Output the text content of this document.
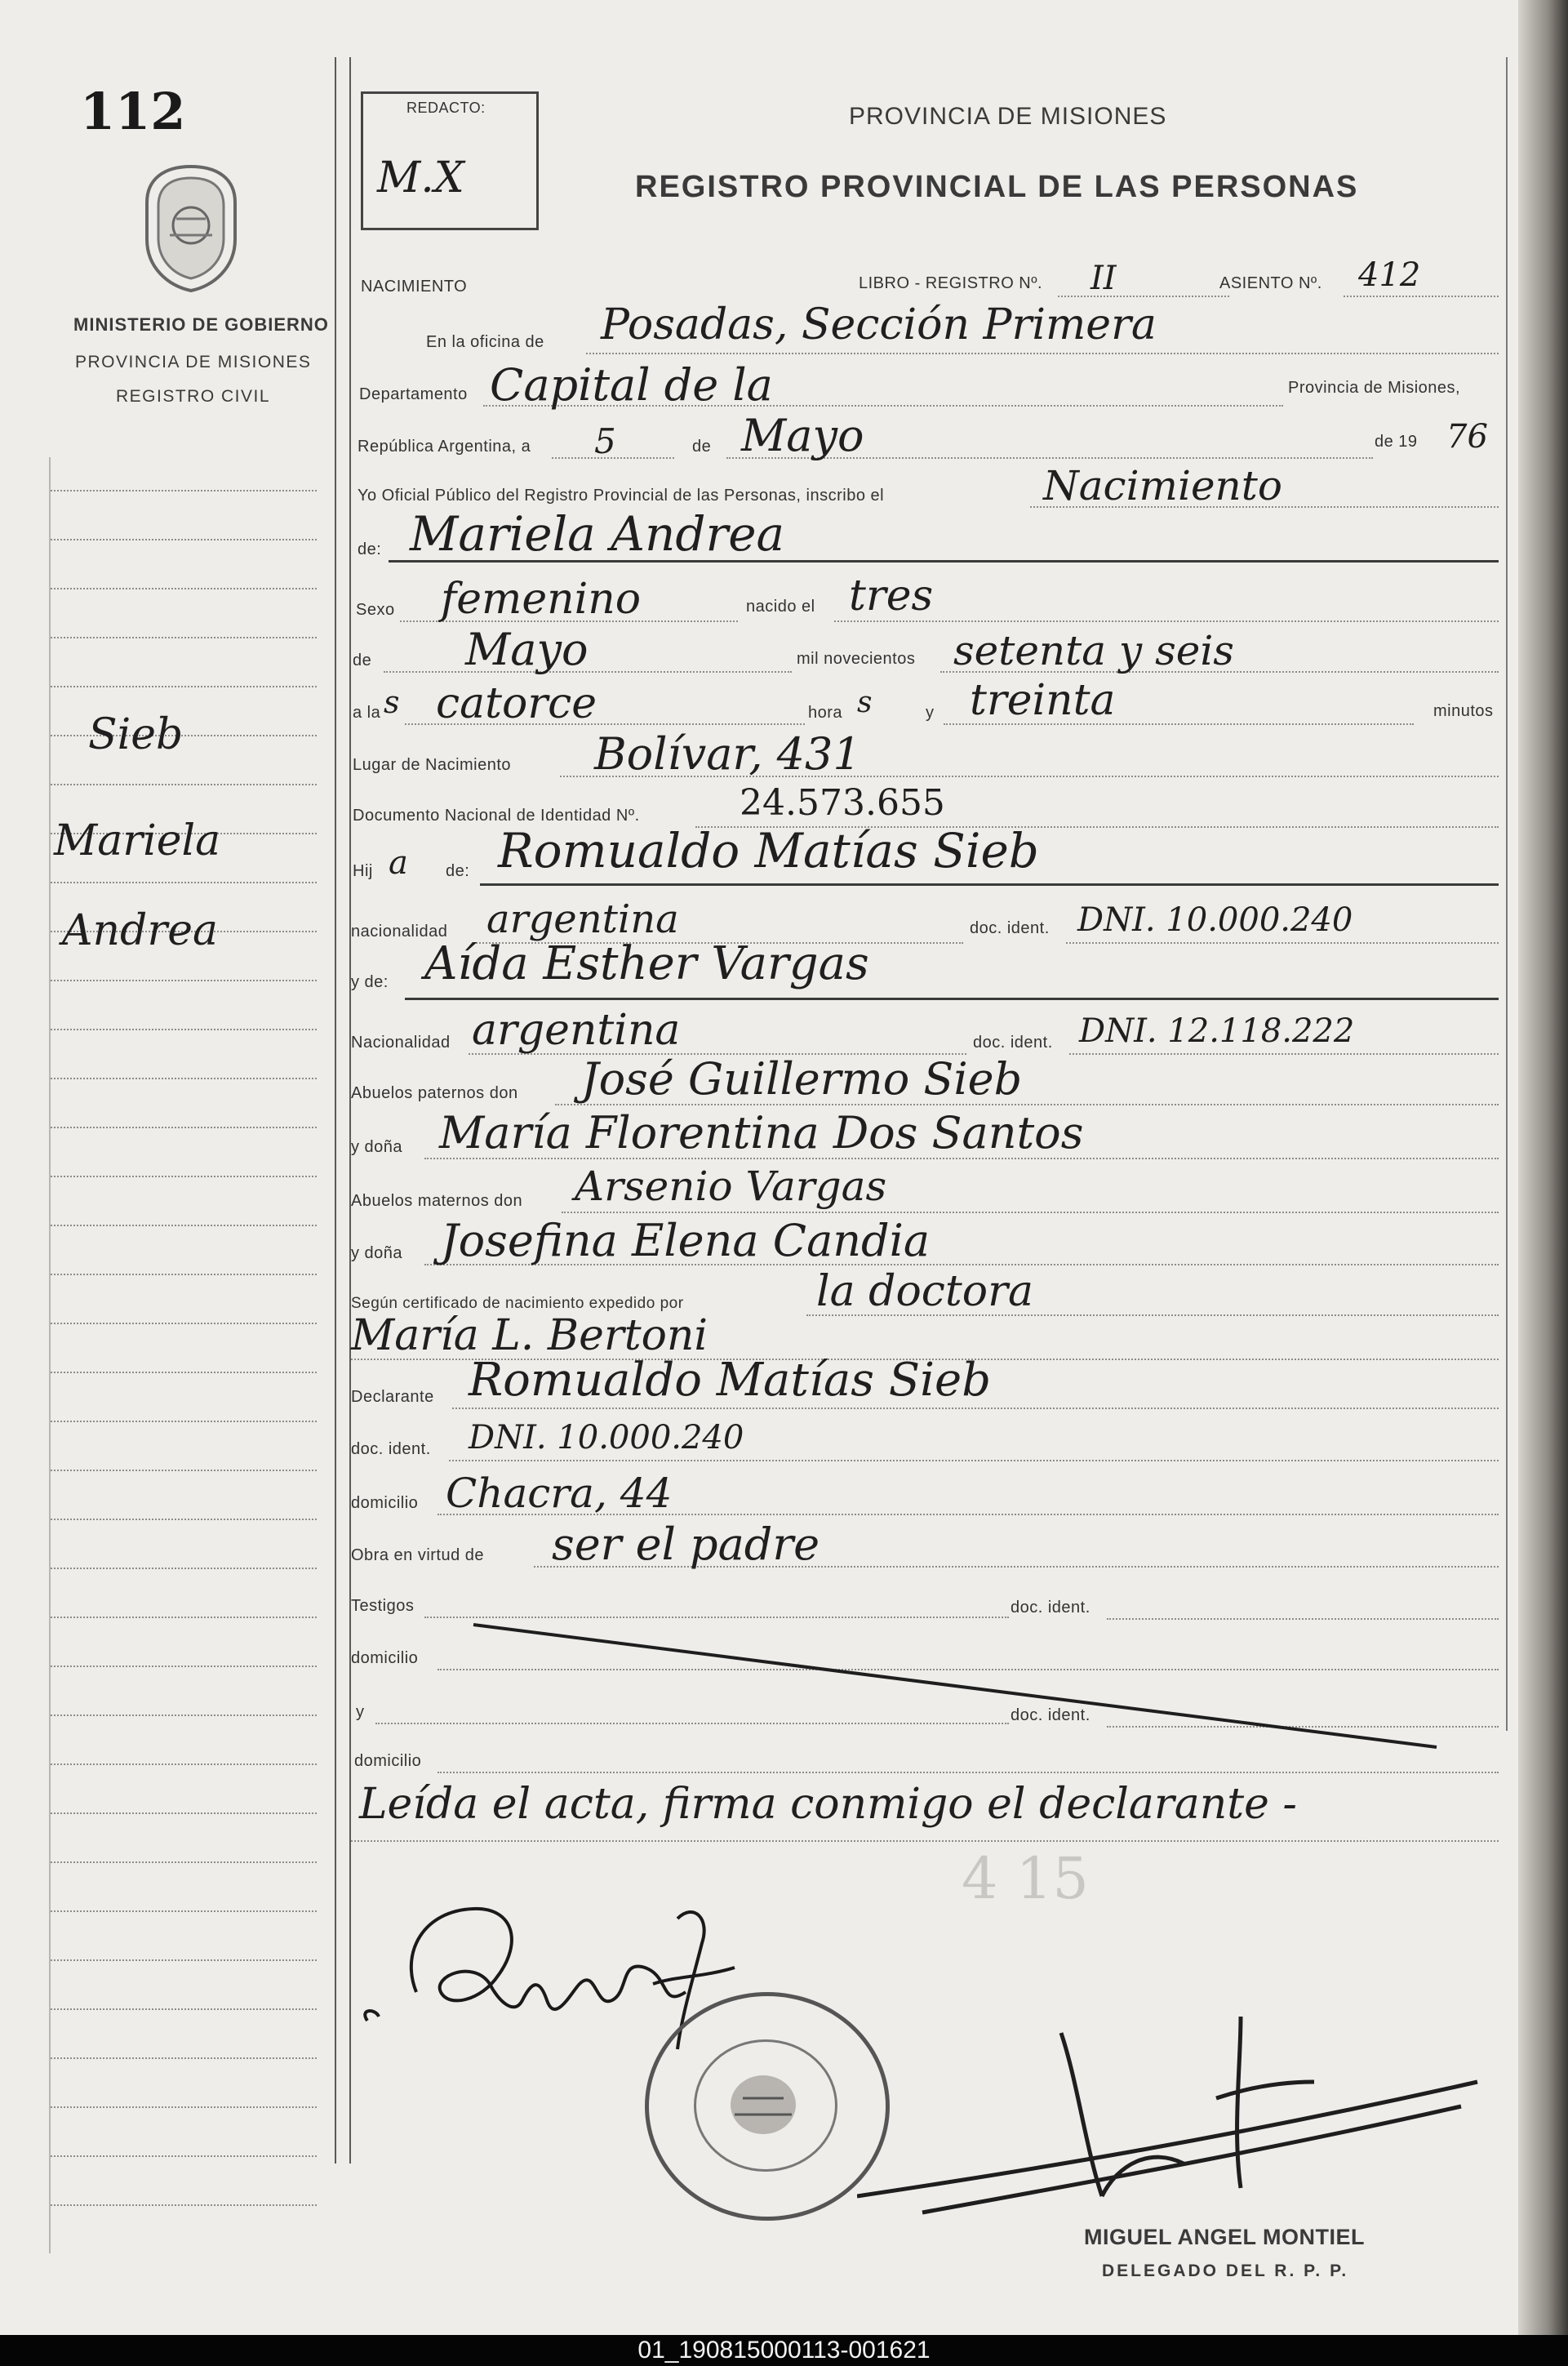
112
MINISTERIO DE GOBIERNO
PROVINCIA DE MISIONES
REGISTRO CIVIL
Sieb
Mariela
Andrea
REDACTO:
M.X
PROVINCIA DE MISIONES
REGISTRO PROVINCIAL DE LAS PERSONAS
NACIMIENTO	LIBRO - REGISTRO Nº. II	ASIENTO Nº. 412
En la oficina de Posadas, Sección Primera
Departamento Capital de la	Provincia de Misiones,
República Argentina, a 5	de Mayo	de 19 76
Yo Oficial Público del Registro Provincial de las Personas, inscribo el	Nacimiento
de: Mariela Andrea
Sexo femenino	nacido el tres
de Mayo	mil novecientos setenta y seis
a la s catorce	hora s	y treinta	minutos
Lugar de Nacimiento Bolívar, 431
Documento Nacional de Identidad Nº.	24.573.655
Hij a de: Romualdo Matías Sieb
nacionalidad argentina	doc. ident. DNI. 10.000.240
y de: Aída Esther Vargas
Nacionalidad argentina	doc. ident. DNI. 12.118.222
Abuelos paternos don José Guillermo Sieb
y doña María Florentina Dos Santos
Abuelos maternos don Arsenio Vargas
y doña Josefina Elena Candia
Según certificado de nacimiento expedido por	la doctora
María L. Bertoni
Declarante Romualdo Matías Sieb
doc. ident. DNI. 10.000.240
domicilio Chacra, 44
Obra en virtud de ser el padre
Testigos	doc. ident.
domicilio
y	doc. ident.
domicilio
Leída el acta, firma conmigo el declarante -
4 15
MIGUEL ANGEL MONTIEL
DELEGADO DEL R. P. P.
01_190815000113-001621
